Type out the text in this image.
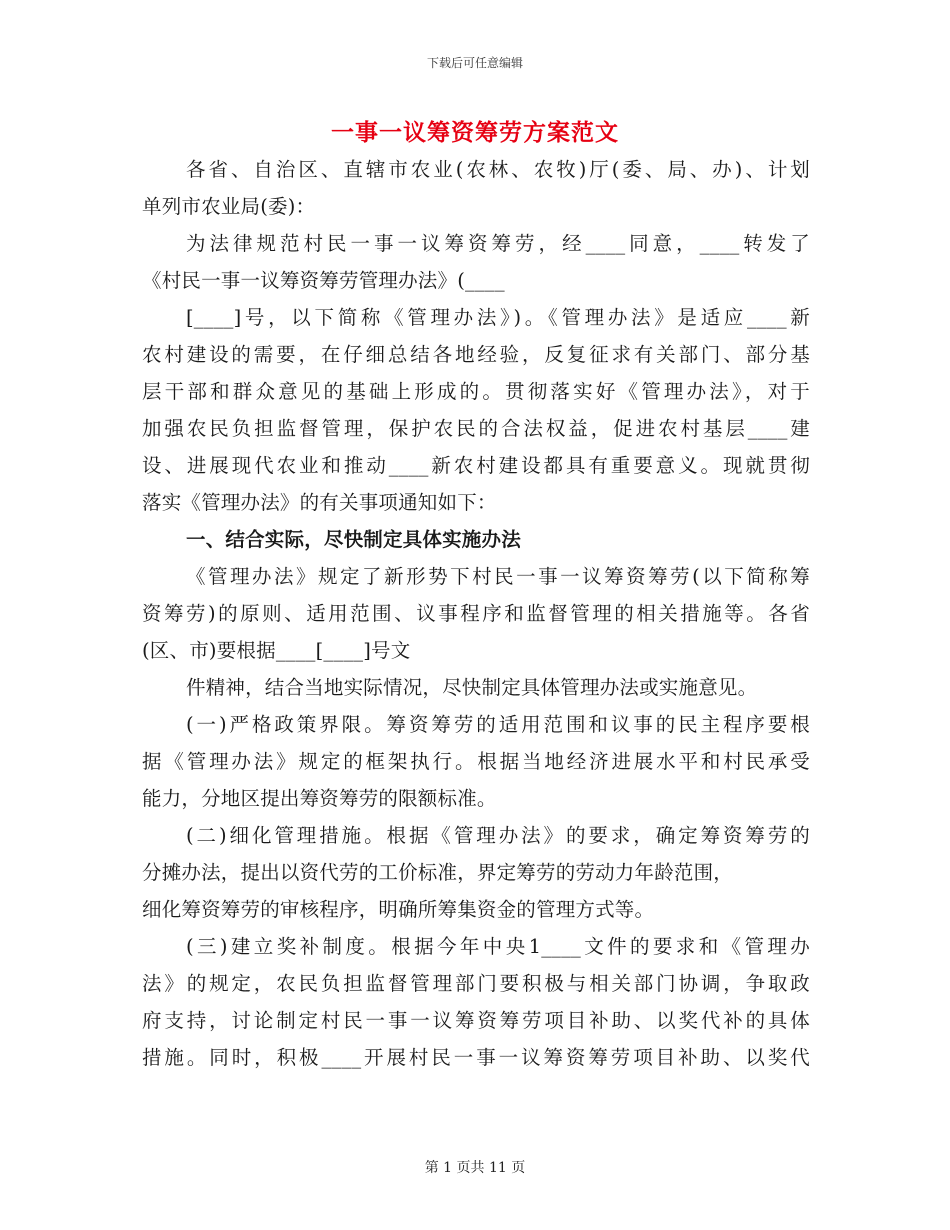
下载后可任意编辑
一事一议筹资筹劳方案范文
各省、自治区、直辖市农业(农林、农牧)厅(委、局、办)、计划
单列市农业局(委)：
为法律规范村民一事一议筹资筹劳，经____同意，____转发了
《村民一事一议筹资筹劳管理办法》(____
[____]号，以下简称《管理办法》)。《管理办法》是适应____新
农村建设的需要，在仔细总结各地经验，反复征求有关部门、部分基
层干部和群众意见的基础上形成的。贯彻落实好《管理办法》，对于
加强农民负担监督管理，保护农民的合法权益，促进农村基层____建
设、进展现代农业和推动____新农村建设都具有重要意义。现就贯彻
落实《管理办法》的有关事项通知如下：
一、结合实际，尽快制定具体实施办法
《管理办法》规定了新形势下村民一事一议筹资筹劳(以下简称筹
资筹劳)的原则、适用范围、议事程序和监督管理的相关措施等。各省
(区、市)要根据____[____]号文
件精神，结合当地实际情况，尽快制定具体管理办法或实施意见。
(一)严格政策界限。筹资筹劳的适用范围和议事的民主程序要根
据《管理办法》规定的框架执行。根据当地经济进展水平和村民承受
能力，分地区提出筹资筹劳的限额标准。
(二)细化管理措施。根据《管理办法》的要求，确定筹资筹劳的
分摊办法，提出以资代劳的工价标准，界定筹劳的劳动力年龄范围，
细化筹资筹劳的审核程序，明确所筹集资金的管理方式等。
(三)建立奖补制度。根据今年中央1____文件的要求和《管理办
法》的规定，农民负担监督管理部门要积极与相关部门协调，争取政
府支持，讨论制定村民一事一议筹资筹劳项目补助、以奖代补的具体
措施。同时，积极____开展村民一事一议筹资筹劳项目补助、以奖代
第 1 页共 11 页
